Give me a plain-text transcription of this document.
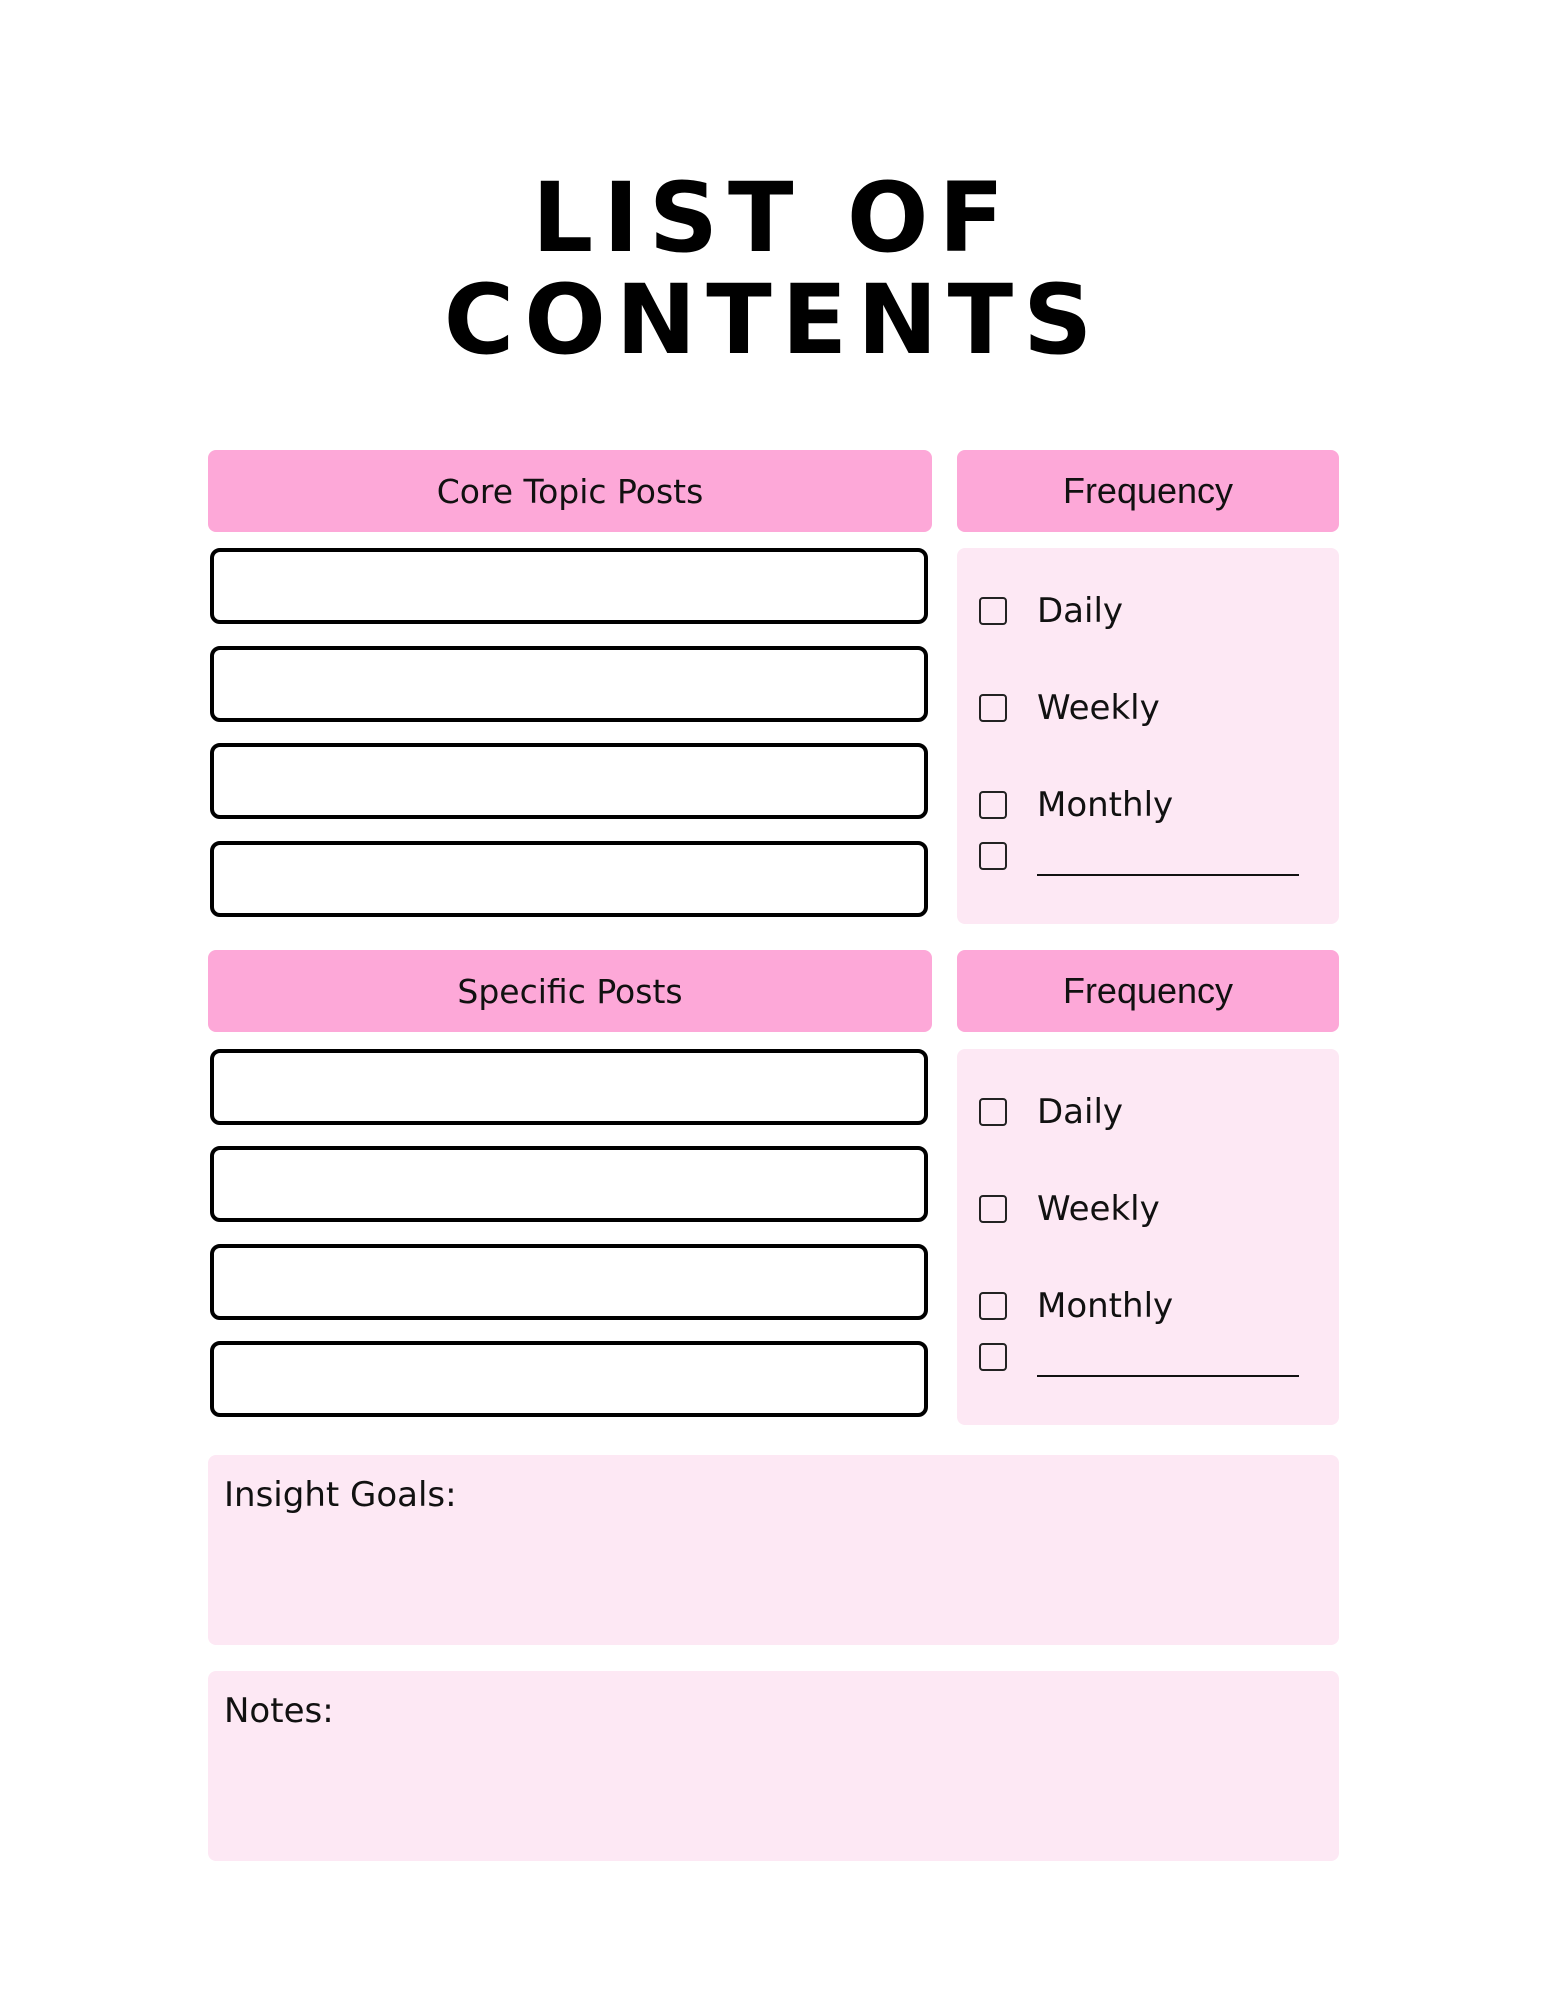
LIST OF
CONTENTS
Core Topic Posts	Frequency
Daily
Weekly
Monthly
Specific Posts	Frequency
Daily
Weekly
Monthly
Insight Goals:
Notes:
